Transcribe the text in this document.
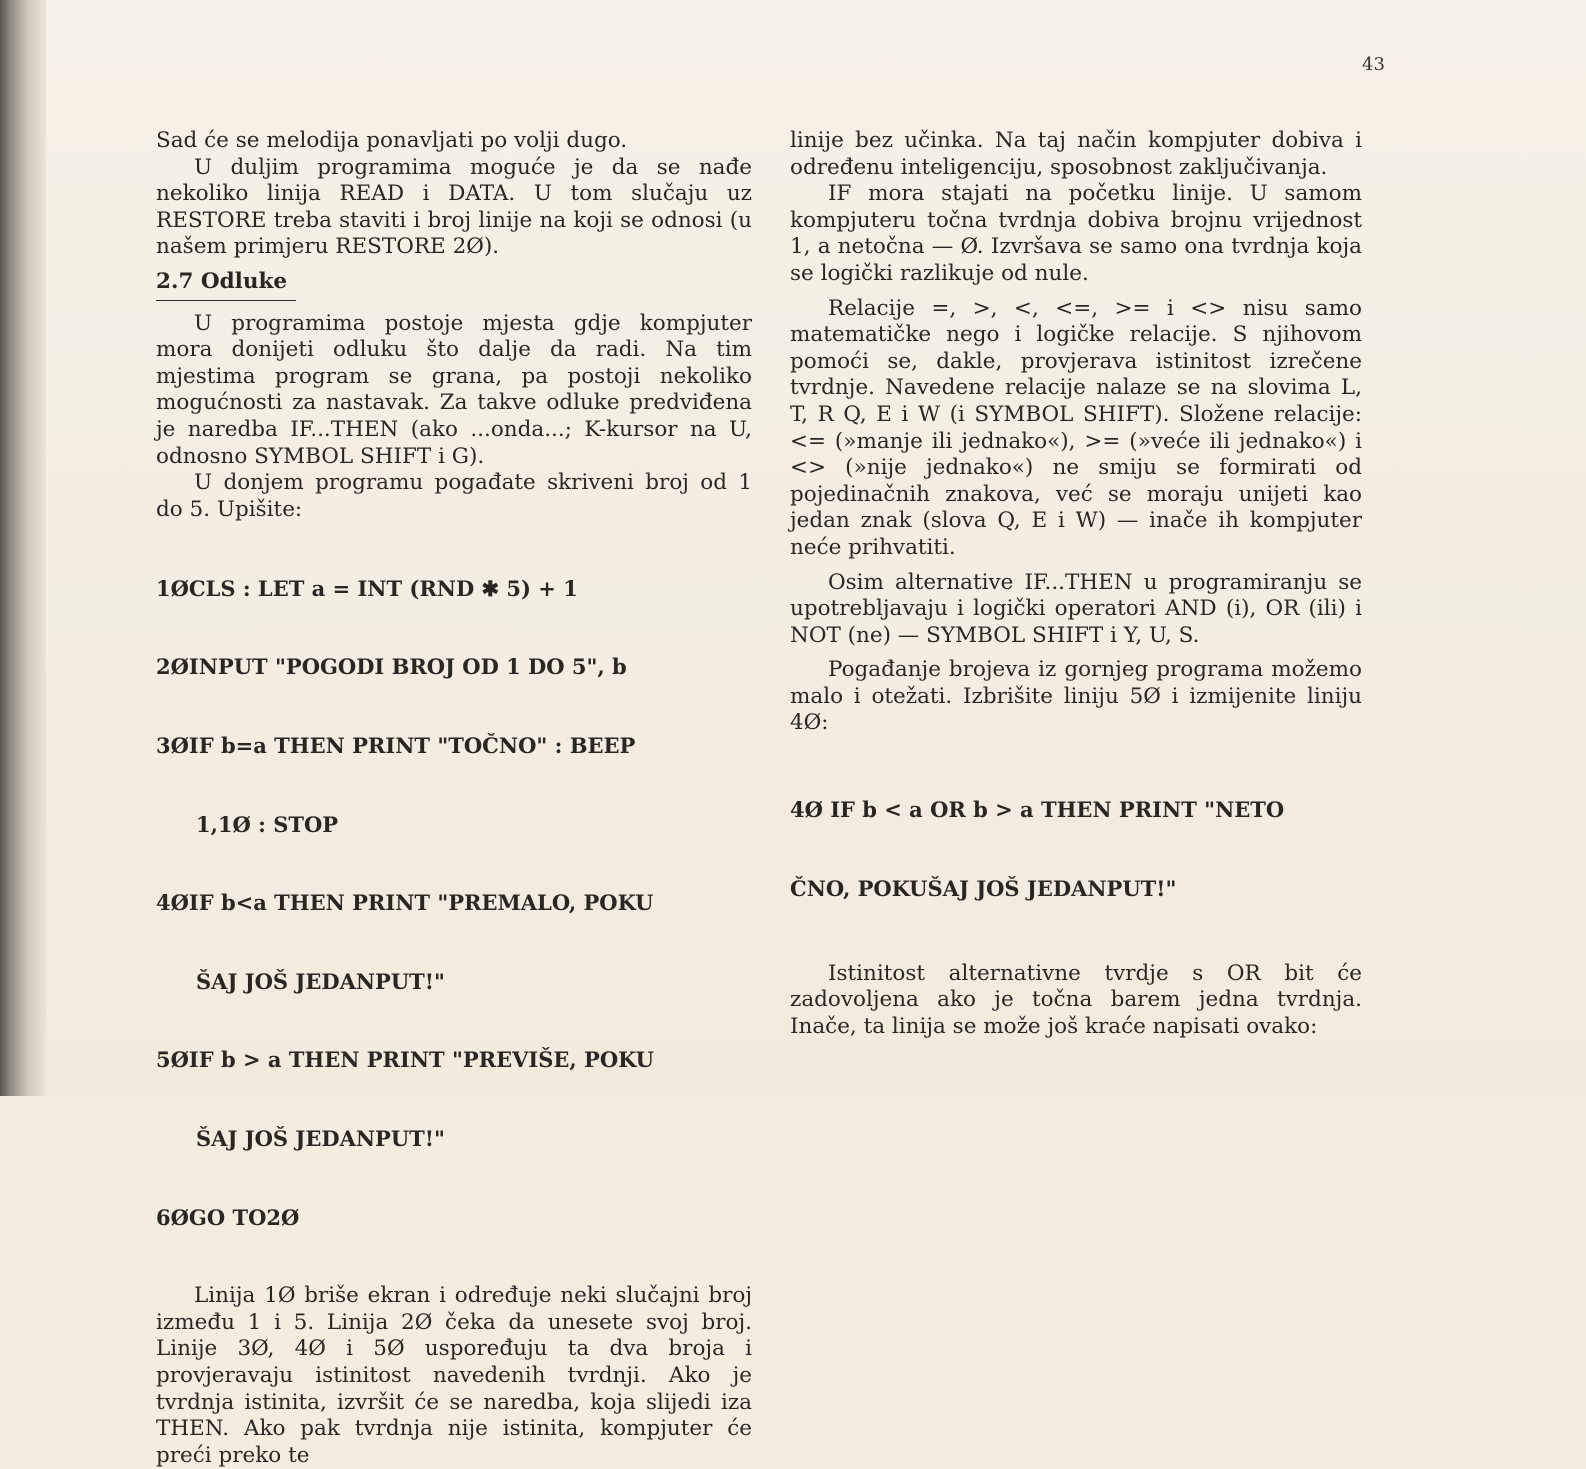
43

Sad će se melodija ponavljati po volji dugo.

U duljim programima moguće je da se nađe nekoliko linija READ i DATA. U tom slučaju uz RESTORE treba staviti i broj linije na koji se odnosi (u našem primjeru RESTORE 2Ø).

2.7 Odluke

U programima postoje mjesta gdje kompjuter mora donijeti odluku što dalje da radi. Na tim mjestima program se grana, pa postoji nekoliko mogućnosti za nastavak. Za takve odluke predviđena je naredba IF...THEN (ako ...onda...; K-kursor na U, odnosno SYMBOL SHIFT i G).

U donjem programu pogađate skriveni broj od 1 do 5. Upišite:

1ØCLS : LET a = INT (RND ✱ 5) + 1

2ØINPUT "POGODI BROJ OD 1 DO 5", b

3ØIF b=a THEN PRINT "TOČNO" : BEEP

1,1Ø : STOP

4ØIF b<a THEN PRINT "PREMALO, POKU

ŠAJ JOŠ JEDANPUT!"

5ØIF b > a THEN PRINT "PREVIŠE, POKU

ŠAJ JOŠ JEDANPUT!"

6ØGO TO2Ø

Linija 1Ø briše ekran i određuje neki slučajni broj između 1 i 5. Linija 2Ø čeka da unesete svoj broj. Linije 3Ø, 4Ø i 5Ø uspoređuju ta dva broja i provjeravaju istinitost navedenih tvrdnji. Ako je tvrdnja istinita, izvršit će se naredba, koja slijedi iza THEN. Ako pak tvrdnja nije istinita, kompjuter će preći preko te

linije bez učinka. Na taj način kompjuter dobiva i određenu inteligenciju, sposobnost zaključivanja.

IF mora stajati na početku linije. U samom kompjuteru točna tvrdnja dobiva brojnu vrijednost 1, a netočna — Ø. Izvršava se samo ona tvrdnja koja se logički razlikuje od nule.

Relacije =, >, <, <=, >= i <> nisu samo matematičke nego i logičke relacije. S njihovom pomoći se, dakle, provjerava istinitost izrečene tvrdnje. Navedene relacije nalaze se na slovima L, T, R Q, E i W (i SYMBOL SHIFT). Složene relacije: <= (»manje ili jednako«), >= (»veće ili jednako«) i <> (»nije jednako«) ne smiju se formirati od pojedinačnih znakova, već se moraju unijeti kao jedan znak (slova Q, E i W) — inače ih kompjuter neće prihvatiti.

Osim alternative IF...THEN u programiranju se upotrebljavaju i logički operatori AND (i), OR (ili) i NOT (ne) — SYMBOL SHIFT i Y, U, S.

Pogađanje brojeva iz gornjeg programa možemo malo i otežati. Izbrišite liniju 5Ø i izmijenite liniju 4Ø:

4Ø IF b < a OR b > a THEN PRINT "NETO

ČNO, POKUŠAJ JOŠ JEDANPUT!"

Istinitost alternativne tvrdje s OR bit će zadovoljena ako je točna barem jedna tvrdnja. Inače, ta linija se može još kraće napisati ovako:
